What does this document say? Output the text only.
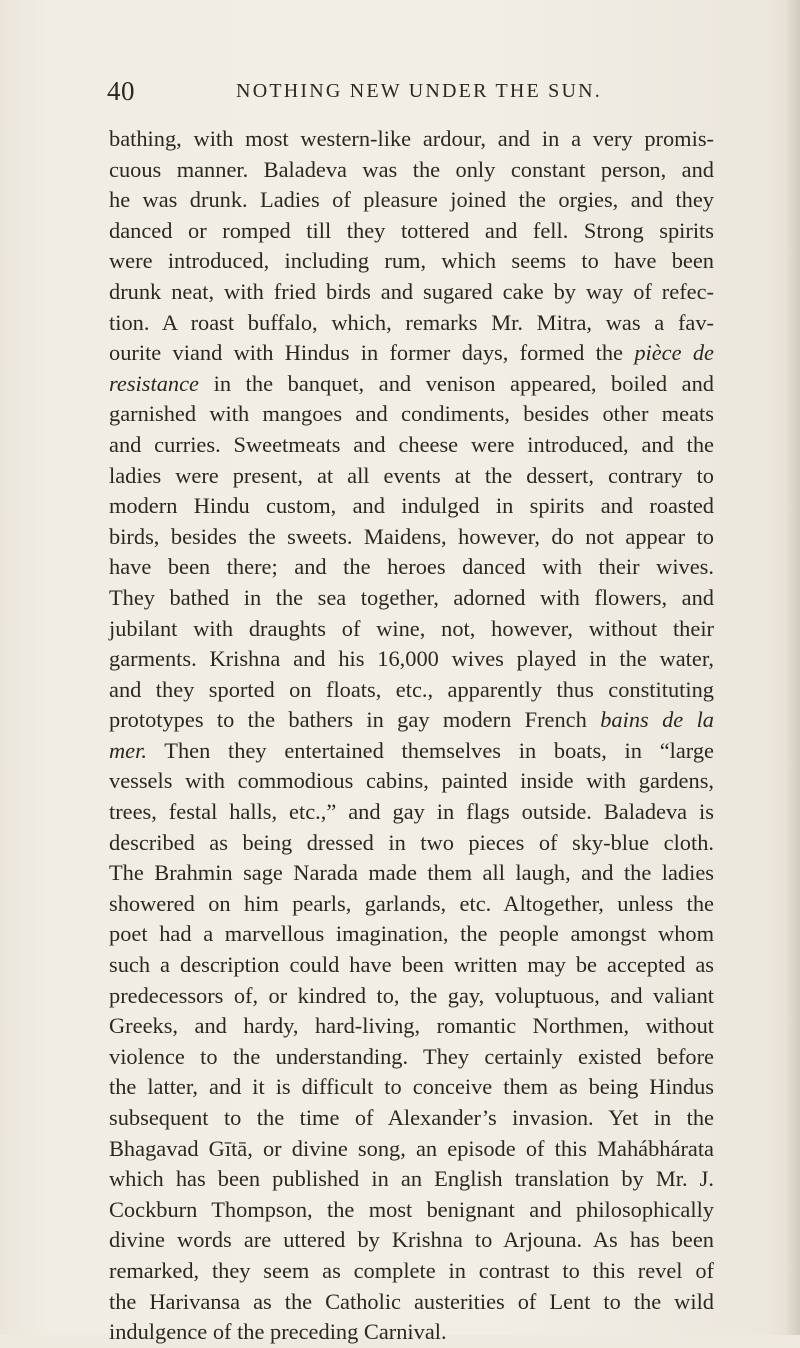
40	NOTHING NEW UNDER THE SUN.
bathing, with most western-like ardour, and in a very promis-
cuous manner. Baladeva was the only constant person, and
he was drunk. Ladies of pleasure joined the orgies, and they
danced or romped till they tottered and fell. Strong spirits
were introduced, including rum, which seems to have been
drunk neat, with fried birds and sugared cake by way of refec-
tion. A roast buffalo, which, remarks Mr. Mitra, was a fav-
ourite viand with Hindus in former days, formed the pièce de
resistance in the banquet, and venison appeared, boiled and
garnished with mangoes and condiments, besides other meats
and curries. Sweetmeats and cheese were introduced, and the
ladies were present, at all events at the dessert, contrary to
modern Hindu custom, and indulged in spirits and roasted
birds, besides the sweets. Maidens, however, do not appear to
have been there; and the heroes danced with their wives.
They bathed in the sea together, adorned with flowers, and
jubilant with draughts of wine, not, however, without their
garments. Krishna and his 16,000 wives played in the water,
and they sported on floats, etc., apparently thus constituting
prototypes to the bathers in gay modern French bains de la
mer. Then they entertained themselves in boats, in “large
vessels with commodious cabins, painted inside with gardens,
trees, festal halls, etc.,” and gay in flags outside. Baladeva is
described as being dressed in two pieces of sky-blue cloth.
The Brahmin sage Narada made them all laugh, and the ladies
showered on him pearls, garlands, etc. Altogether, unless the
poet had a marvellous imagination, the people amongst whom
such a description could have been written may be accepted as
predecessors of, or kindred to, the gay, voluptuous, and valiant
Greeks, and hardy, hard-living, romantic Northmen, without
violence to the understanding. They certainly existed before
the latter, and it is difficult to conceive them as being Hindus
subsequent to the time of Alexander’s invasion. Yet in the
Bhagavad Gītā, or divine song, an episode of this Mahábhárata
which has been published in an English translation by Mr. J.
Cockburn Thompson, the most benignant and philosophically
divine words are uttered by Krishna to Arjouna. As has been
remarked, they seem as complete in contrast to this revel of
the Harivansa as the Catholic austerities of Lent to the wild
indulgence of the preceding Carnival.
